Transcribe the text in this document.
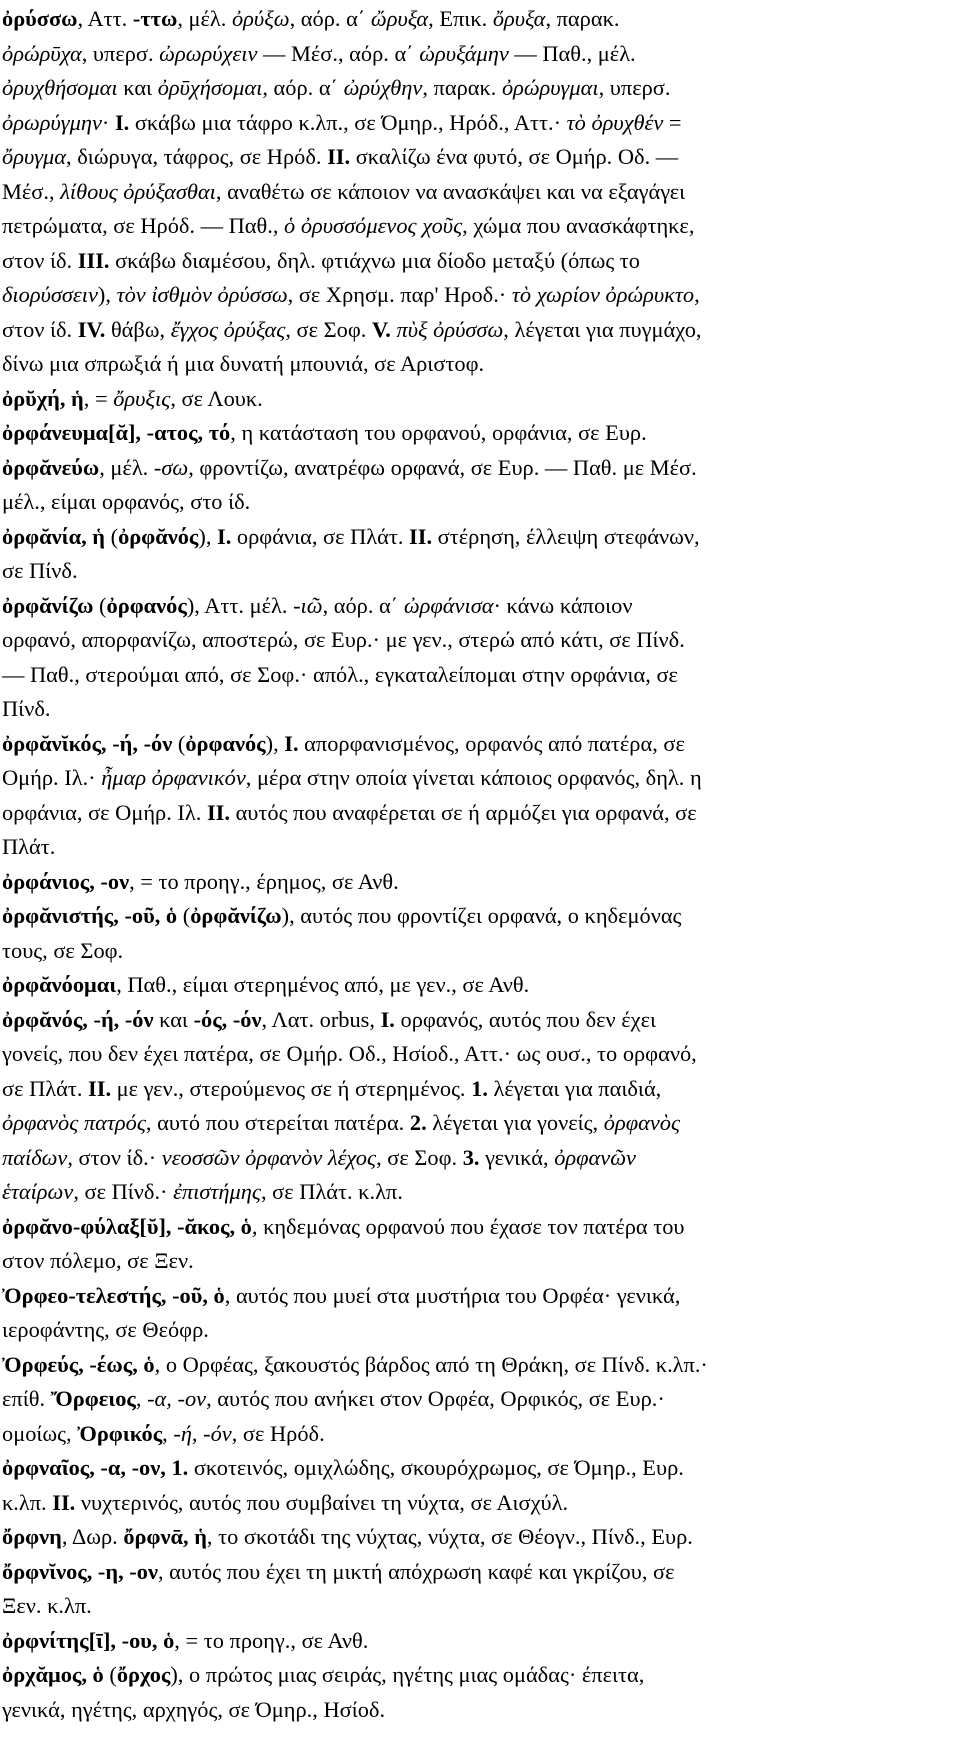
ὀρύσσω, Αττ. -ττω, μέλ. ὀρύξω, αόρ. α΄ ὤρυξα, Επικ. ὄρυξα, παρακ.
ὀρώρῡχα, υπερσ. ὠρωρύχειν — Μέσ., αόρ. α΄ ὠρυξάμην — Παθ., μέλ.
ὀρυχθήσομαι και ὀρῡχήσομαι, αόρ. α΄ ὠρύχθην, παρακ. ὀρώρυγμαι, υπερσ.
ὀρωρύγμην· I. σκάβω μια τάφρο κ.λπ., σε Όμηρ., Ηρόδ., Αττ.· τὸ ὀρυχθέν =
ὄρυγμα, διώρυγα, τάφρος, σε Ηρόδ. II. σκαλίζω ένα φυτό, σε Ομήρ. Οδ. —
Μέσ., λίθους ὀρύξασθαι, αναθέτω σε κάποιον να ανασκάψει και να εξαγάγει
πετρώματα, σε Ηρόδ. — Παθ., ὁ ὀρυσσόμενος χοῦς, χώμα που ανασκάφτηκε,
στον ίδ. III. σκάβω διαμέσου, δηλ. φτιάχνω μια δίοδο μεταξύ (όπως το
διορύσσειν), τὸν ἰσθμὸν ὀρύσσω, σε Χρησμ. παρ' Ηροδ.· τὸ χωρίον ὀρώρυκτο,
στον ίδ. IV. θάβω, ἔγχος ὀρύξας, σε Σοφ. V. πὺξ ὀρύσσω, λέγεται για πυγμάχο,
δίνω μια σπρωξιά ή μια δυνατή μπουνιά, σε Αριστοφ.
ὀρῠχή, ἡ, = ὄρυξις, σε Λουκ.
ὀρφάνευμα[ᾰ], -ατος, τό, η κατάσταση του ορφανού, ορφάνια, σε Ευρ.
ὀρφᾰνεύω, μέλ. -σω, φροντίζω, ανατρέφω ορφανά, σε Ευρ. — Παθ. με Μέσ.
μέλ., είμαι ορφανός, στο ίδ.
ὀρφᾰνία, ἡ (ὀρφᾰνός), I. ορφάνια, σε Πλάτ. II. στέρηση, έλλειψη στεφάνων,
σε Πίνδ.
ὀρφᾰνίζω (ὀρφανός), Αττ. μέλ. -ιῶ, αόρ. α΄ ὠρφάνισα· κάνω κάποιον
ορφανό, απορφανίζω, αποστερώ, σε Ευρ.· με γεν., στερώ από κάτι, σε Πίνδ.
— Παθ., στερούμαι από, σε Σοφ.· απόλ., εγκαταλείπομαι στην ορφάνια, σε
Πίνδ.
ὀρφᾰνῐκός, -ή, -όν (ὀρφανός), I. απορφανισμένος, ορφανός από πατέρα, σε
Ομήρ. Ιλ.· ἦμαρ ὀρφανικόν, μέρα στην οποία γίνεται κάποιος ορφανός, δηλ. η
ορφάνια, σε Ομήρ. Ιλ. II. αυτός που αναφέρεται σε ή αρμόζει για ορφανά, σε
Πλάτ.
ὀρφάνιος, -ον, = το προηγ., έρημος, σε Ανθ.
ὀρφᾰνιστής, -οῦ, ὁ (ὀρφᾰνίζω), αυτός που φροντίζει ορφανά, ο κηδεμόνας
τους, σε Σοφ.
ὀρφᾰνόομαι, Παθ., είμαι στερημένος από, με γεν., σε Ανθ.
ὀρφᾰνός, -ή, -όν και -ός, -όν, Λατ. orbus, I. ορφανός, αυτός που δεν έχει
γονείς, που δεν έχει πατέρα, σε Ομήρ. Οδ., Ησίοδ., Αττ.· ως ουσ., το ορφανό,
σε Πλάτ. II. με γεν., στερούμενος σε ή στερημένος. 1. λέγεται για παιδιά,
ὀρφανὸς πατρός, αυτό που στερείται πατέρα. 2. λέγεται για γονείς, ὀρφανὸς
παίδων, στον ίδ.· νεοσσῶν ὀρφανὸν λέχος, σε Σοφ. 3. γενικά, ὀρφανῶν
ἑταίρων, σε Πίνδ.· ἐπιστήμης, σε Πλάτ. κ.λπ.
ὀρφᾰνο-φύλαξ[ῠ], -ᾰκος, ὁ, κηδεμόνας ορφανού που έχασε τον πατέρα του
στον πόλεμο, σε Ξεν.
Ὀρφεο-τελεστής, -οῦ, ὁ, αυτός που μυεί στα μυστήρια του Ορφέα· γενικά,
ιεροφάντης, σε Θεόφρ.
Ὀρφεύς, -έως, ὁ, ο Ορφέας, ξακουστός βάρδος από τη Θράκη, σε Πίνδ. κ.λπ.·
επίθ. Ὄρφειος, -α, -ον, αυτός που ανήκει στον Ορφέα, Ορφικός, σε Ευρ.·
ομοίως, Ὀρφικός, -ή, -όν, σε Ηρόδ.
ὀρφναῖος, -α, -ον, 1. σκοτεινός, ομιχλώδης, σκουρόχρωμος, σε Όμηρ., Ευρ.
κ.λπ. II. νυχτερινός, αυτός που συμβαίνει τη νύχτα, σε Αισχύλ.
ὄρφνη, Δωρ. ὄρφνᾱ, ἡ, το σκοτάδι της νύχτας, νύχτα, σε Θέογν., Πίνδ., Ευρ.
ὄρφνῐνος, -η, -ον, αυτός που έχει τη μικτή απόχρωση καφέ και γκρίζου, σε
Ξεν. κ.λπ.
ὀρφνίτης[ῑ], -ου, ὁ, = το προηγ., σε Ανθ.
ὀρχᾰμος, ὁ (ὄρχος), ο πρώτος μιας σειράς, ηγέτης μιας ομάδας· έπειτα,
γενικά, ηγέτης, αρχηγός, σε Όμηρ., Ησίοδ.
